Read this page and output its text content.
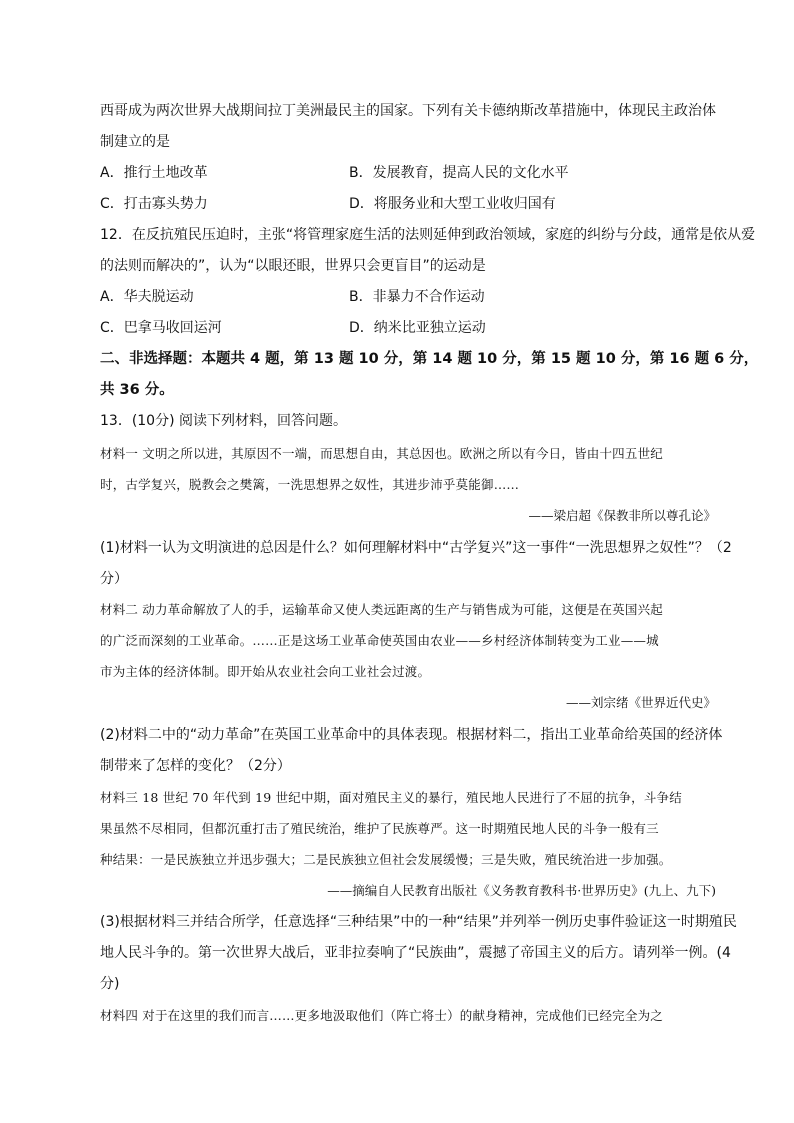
西哥成为两次世界大战期间拉丁美洲最民主的国家。下列有关卡德纳斯改革措施中，体现民主政治体
制建立的是
A．推行土地改革	B．发展教育，提高人民的文化水平
C．打击寡头势力	D．将服务业和大型工业收归国有
12．在反抗殖民压迫时，主张“将管理家庭生活的法则延伸到政治领域，家庭的纠纷与分歧，通常是依从爱
的法则而解决的”，认为“以眼还眼，世界只会更盲目”的运动是
A．华夫脱运动	B．非暴力不合作运动
C．巴拿马收回运河	D．纳米比亚独立运动
二、非选择题：本题共 4 题，第 13 题 10 分，第 14 题 10 分，第 15 题 10 分，第 16 题 6 分，
共 36 分。
13．(10分) 阅读下列材料，回答问题。
材料一 文明之所以进，其原因不一端，而思想自由，其总因也。欧洲之所以有今日，皆由十四五世纪
时，古学复兴，脱教会之樊篱，一洗思想界之奴性，其进步沛乎莫能御……
——梁启超《保教非所以尊孔论》
(1)材料一认为文明演进的总因是什么？如何理解材料中“古学复兴”这一事件“一洗思想界之奴性”？（2
分）
材料二 动力革命解放了人的手，运输革命又使人类远距离的生产与销售成为可能，这便是在英国兴起
的广泛而深刻的工业革命。……正是这场工业革命使英国由农业——乡村经济体制转变为工业——城
市为主体的经济体制。即开始从农业社会向工业社会过渡。
——刘宗绪《世界近代史》
(2)材料二中的“动力革命”在英国工业革命中的具体表现。根据材料二，指出工业革命给英国的经济体
制带来了怎样的变化？（2分）
材料三 18 世纪 70 年代到 19 世纪中期，面对殖民主义的暴行，殖民地人民进行了不屈的抗争，斗争结
果虽然不尽相同，但都沉重打击了殖民统治，维护了民族尊严。这一时期殖民地人民的斗争一般有三
种结果：一是民族独立并迅步强大；二是民族独立但社会发展缓慢；三是失败，殖民统治进一步加强。
——摘编自人民教育出版社《义务教育教科书·世界历史》(九上、九下)
(3)根据材料三并结合所学，任意选择“三种结果”中的一种“结果”并列举一例历史事件验证这一时期殖民
地人民斗争的。第一次世界大战后，亚非拉奏响了“民族曲”，震撼了帝国主义的后方。请列举一例。(4
分)
材料四 对于在这里的我们而言……更多地汲取他们（阵亡将士）的献身精神，完成他们已经完全为之
